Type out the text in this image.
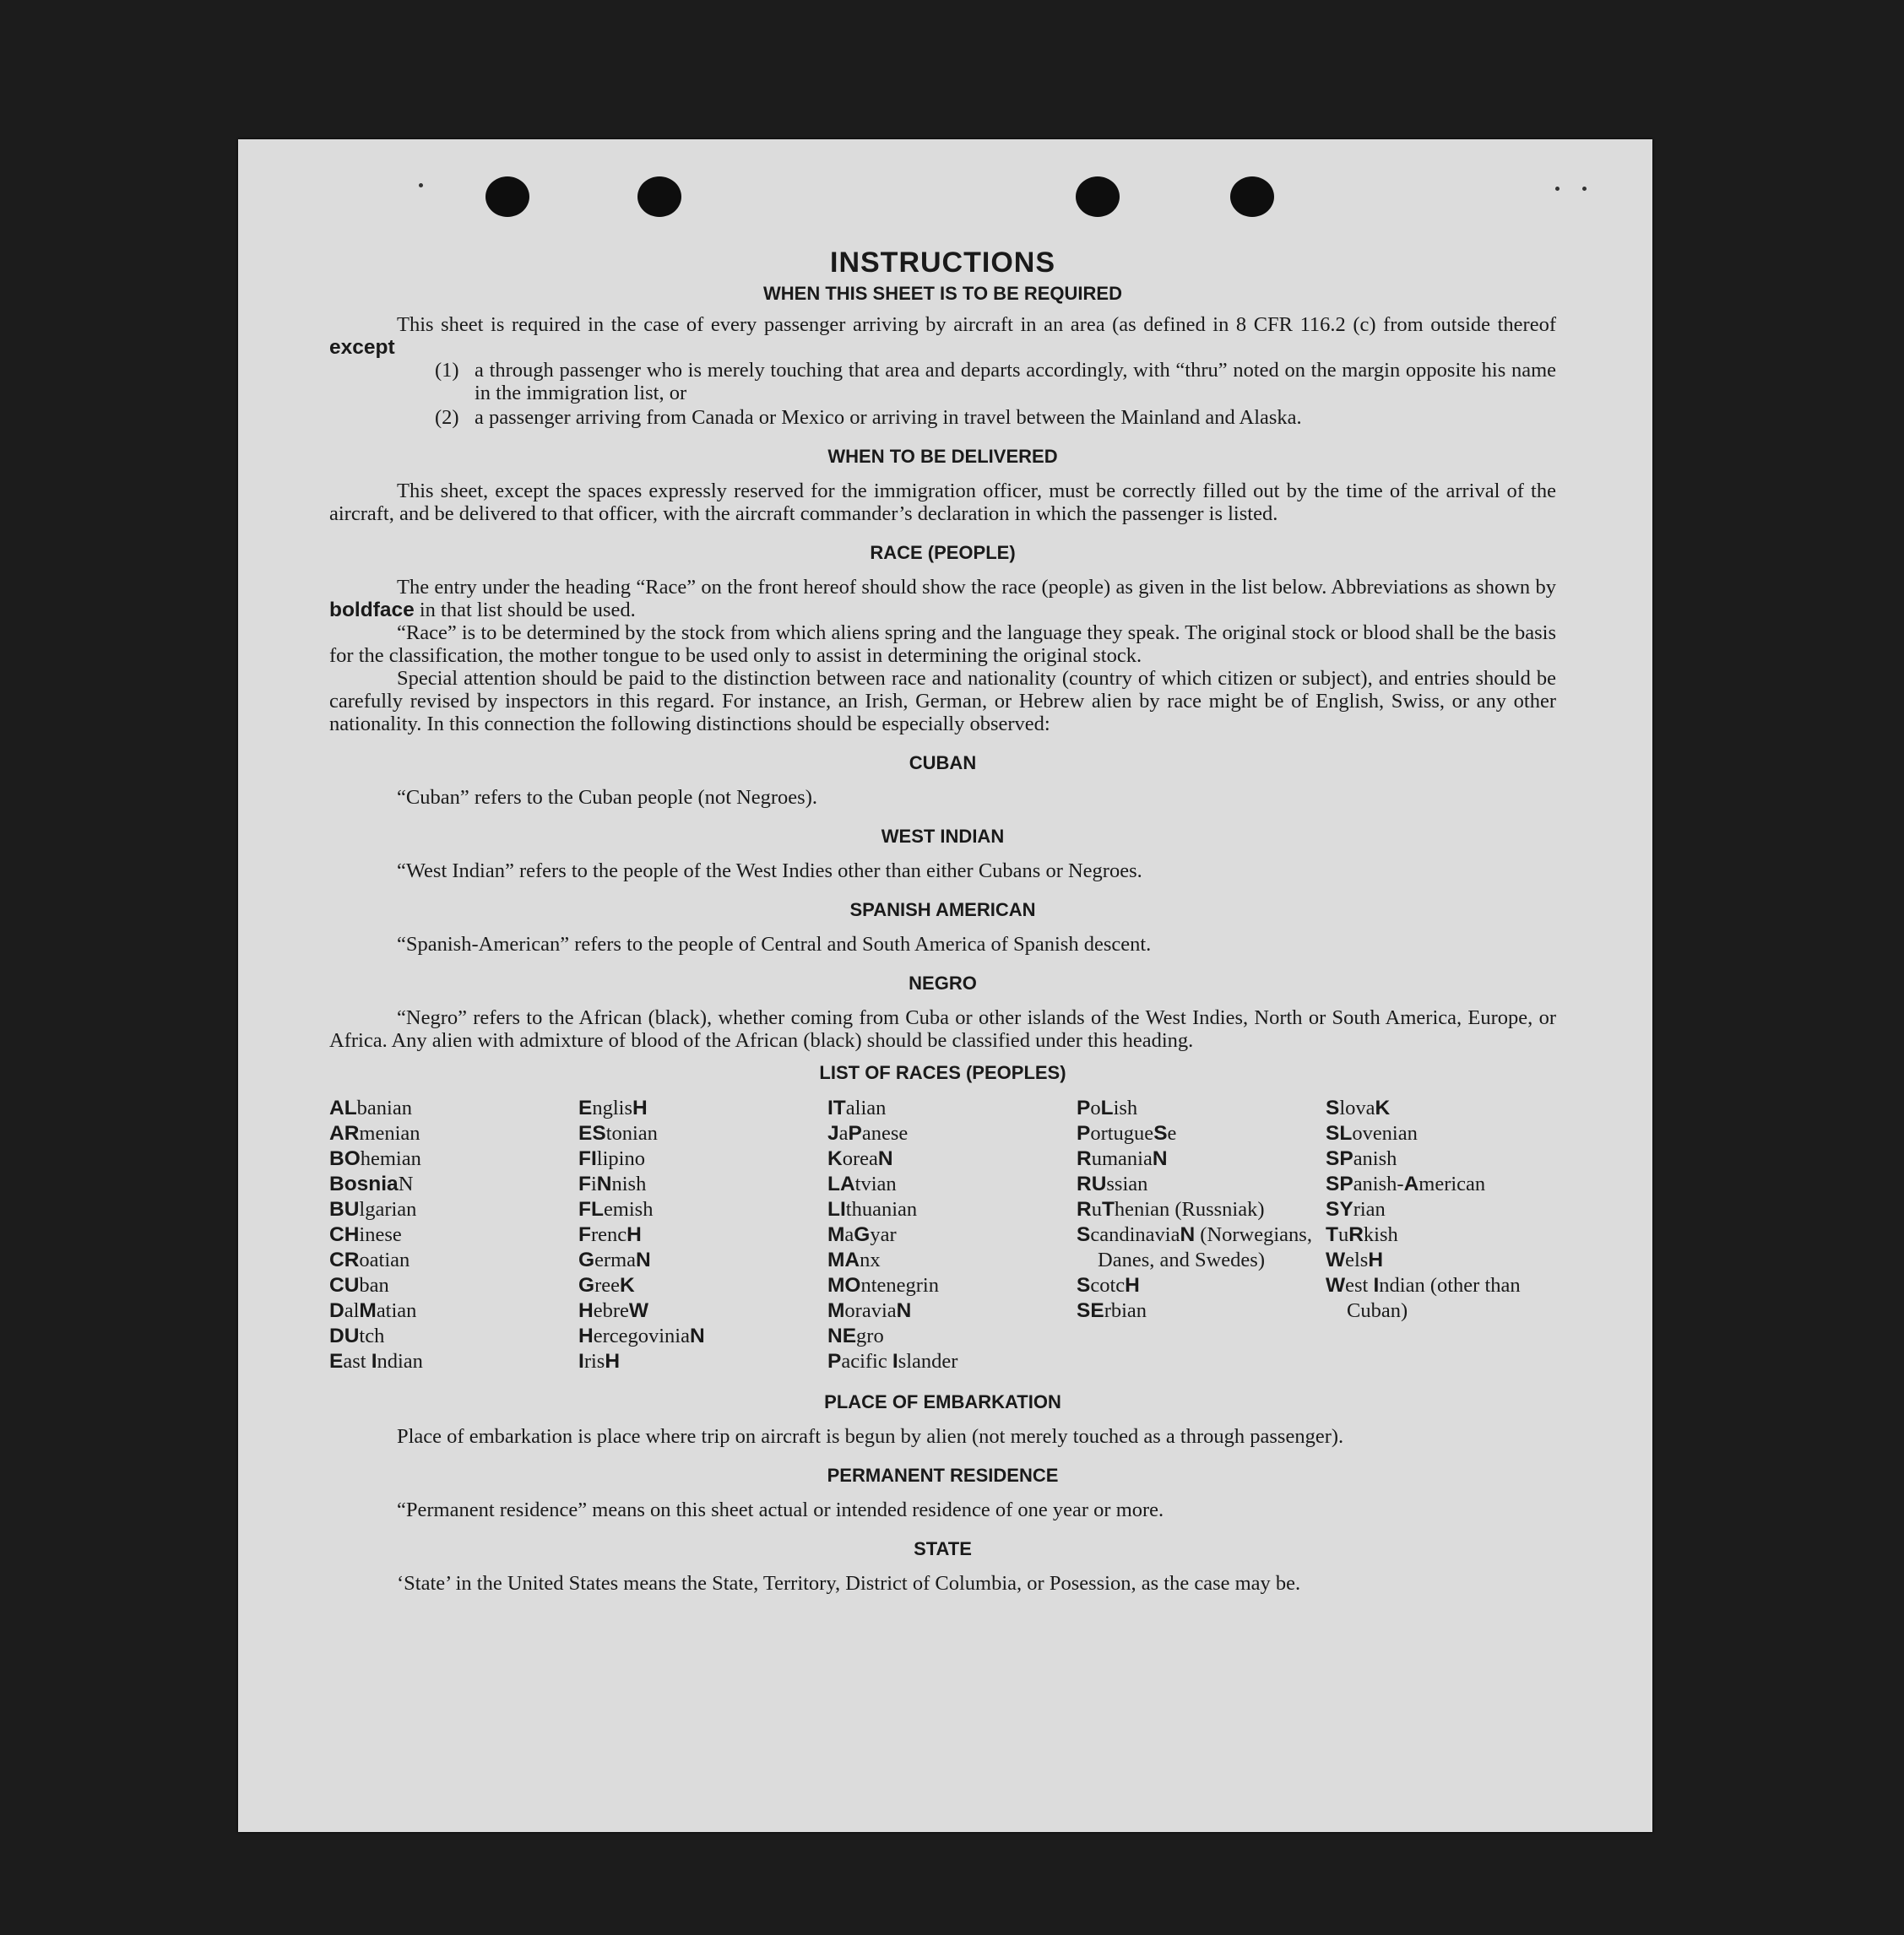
INSTRUCTIONS
WHEN THIS SHEET IS TO BE REQUIRED

This sheet is required in the case of every passenger arriving by aircraft in an area (as defined in 8 CFR 116.2 (c) from outside thereof except

(1) a through passenger who is merely touching that area and departs accordingly, with “thru” noted on the margin opposite his name in the immigration list, or
(2) a passenger arriving from Canada or Mexico or arriving in travel between the Mainland and Alaska.
WHEN TO BE DELIVERED

This sheet, except the spaces expressly reserved for the immigration officer, must be correctly filled out by the time of the arrival of the aircraft, and be delivered to that officer, with the aircraft commander’s declaration in which the passenger is listed.

RACE (PEOPLE)

The entry under the heading “Race” on the front hereof should show the race (people) as given in the list below. Abbreviations as shown by boldface in that list should be used.

“Race” is to be determined by the stock from which aliens spring and the language they speak. The original stock or blood shall be the basis for the classification, the mother tongue to be used only to assist in determining the original stock.

Special attention should be paid to the distinction between race and nationality (country of which citizen or subject), and entries should be carefully revised by inspectors in this regard. For instance, an Irish, German, or Hebrew alien by race might be of English, Swiss, or any other nationality. In this connection the following distinctions should be especially observed:

CUBAN

“Cuban” refers to the Cuban people (not Negroes).

WEST INDIAN

“West Indian” refers to the people of the West Indies other than either Cubans or Negroes.

SPANISH AMERICAN

“Spanish-American” refers to the people of Central and South America of Spanish descent.

NEGRO

“Negro” refers to the African (black), whether coming from Cuba or other islands of the West Indies, North or South America, Europe, or Africa. Any alien with admixture of blood of the African (black) should be classified under this heading.

LIST OF RACES (PEOPLES)
ALbanian
ARmenian
BOhemian
BosniaN
BUlgarian
CHinese
CRoatian
CUban
DalMatian
DUtch
East Indian
EnglisH
EStonian
FIlipino
FiNnish
FLemish
FrencH
GermaN
GreeK
HebreW
HercegoviniaN
IrisH
ITalian
JaPanese
KoreaN
LAtvian
LIthuanian
MaGyar
MAnx
MOntenegrin
MoraviaN
NEgro
Pacific Islander
PoLish
PortugueSe
RumaniaN
RUssian
RuThenian (Russniak)
ScandinaviaN (Norwegians, Danes, and Swedes)
ScotcH
SErbian
SlovaK
SLovenian
SPanish
SPanish-American
SYrian
TuRkish
WelsH
West Indian (other than Cuban)
PLACE OF EMBARKATION

Place of embarkation is place where trip on aircraft is begun by alien (not merely touched as a through passenger).

PERMANENT RESIDENCE

“Permanent residence” means on this sheet actual or intended residence of one year or more.

STATE

‘State’ in the United States means the State, Territory, District of Columbia, or Posession, as the case may be.
